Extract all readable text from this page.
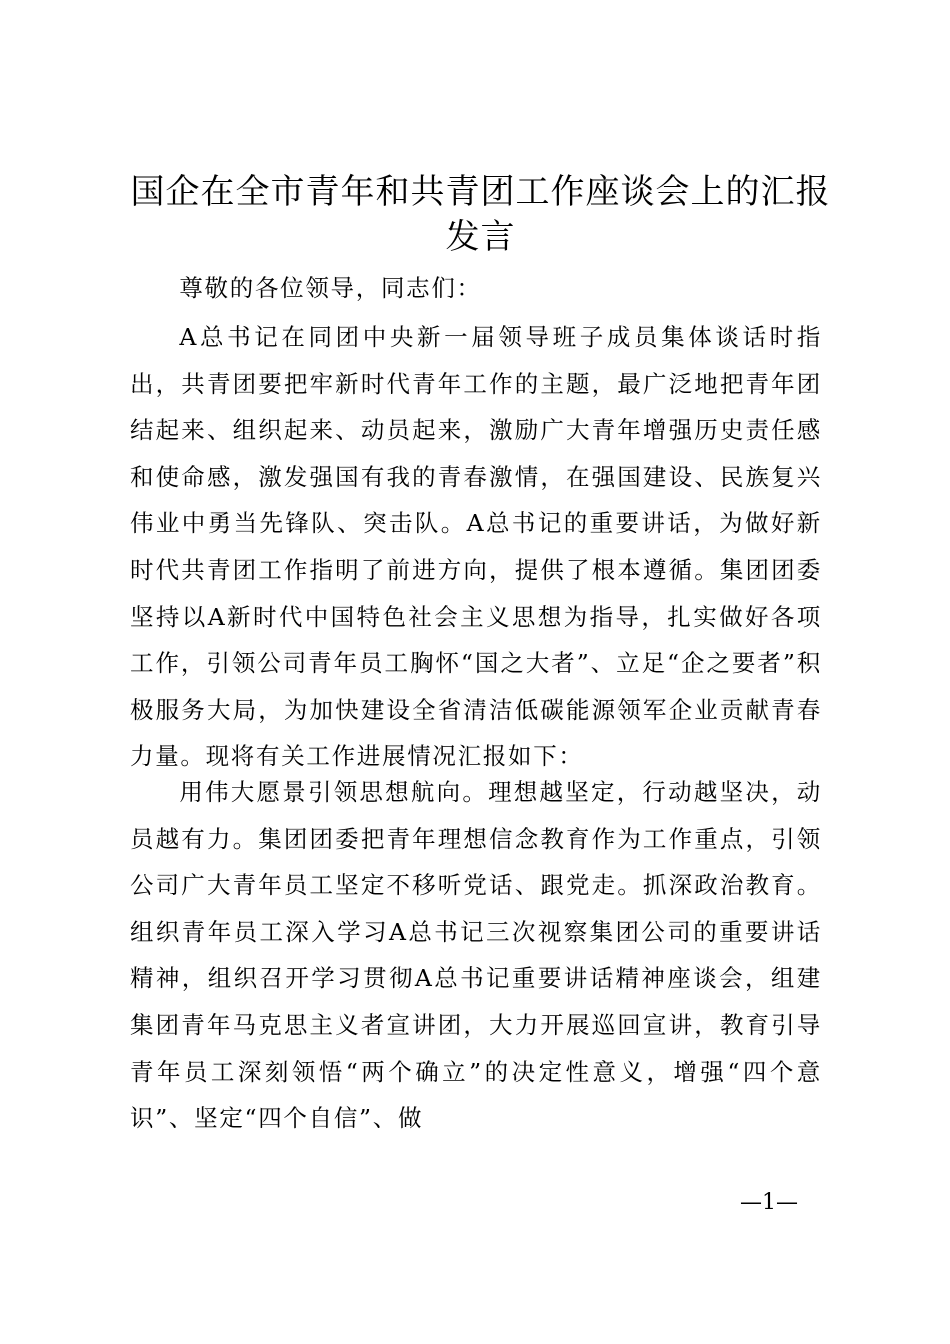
国企在全市青年和共青团工作座谈会上的汇报发言

尊敬的各位领导，同志们：

A总书记在同团中央新一届领导班子成员集体谈话时指出，共青团要把牢新时代青年工作的主题，最广泛地把青年团结起来、组织起来、动员起来，激励广大青年增强历史责任感和使命感，激发强国有我的青春激情，在强国建设、民族复兴伟业中勇当先锋队、突击队。A总书记的重要讲话，为做好新时代共青团工作指明了前进方向，提供了根本遵循。集团团委坚持以A新时代中国特色社会主义思想为指导，扎实做好各项工作，引领公司青年员工胸怀“国之大者”、立足“企之要者”积极服务大局，为加快建设全省清洁低碳能源领军企业贡献青春力量。现将有关工作进展情况汇报如下：

用伟大愿景引领思想航向。理想越坚定，行动越坚决，动员越有力。集团团委把青年理想信念教育作为工作重点，引领公司广大青年员工坚定不移听党话、跟党走。抓深政治教育。组织青年员工深入学习A总书记三次视察集团公司的重要讲话精神，组织召开学习贯彻A总书记重要讲话精神座谈会，组建集团青年马克思主义者宣讲团，大力开展巡回宣讲，教育引导青年员工深刻领悟“两个确立”的决定性意义，增强“四个意识”、坚定“四个自信”、做

—1—
